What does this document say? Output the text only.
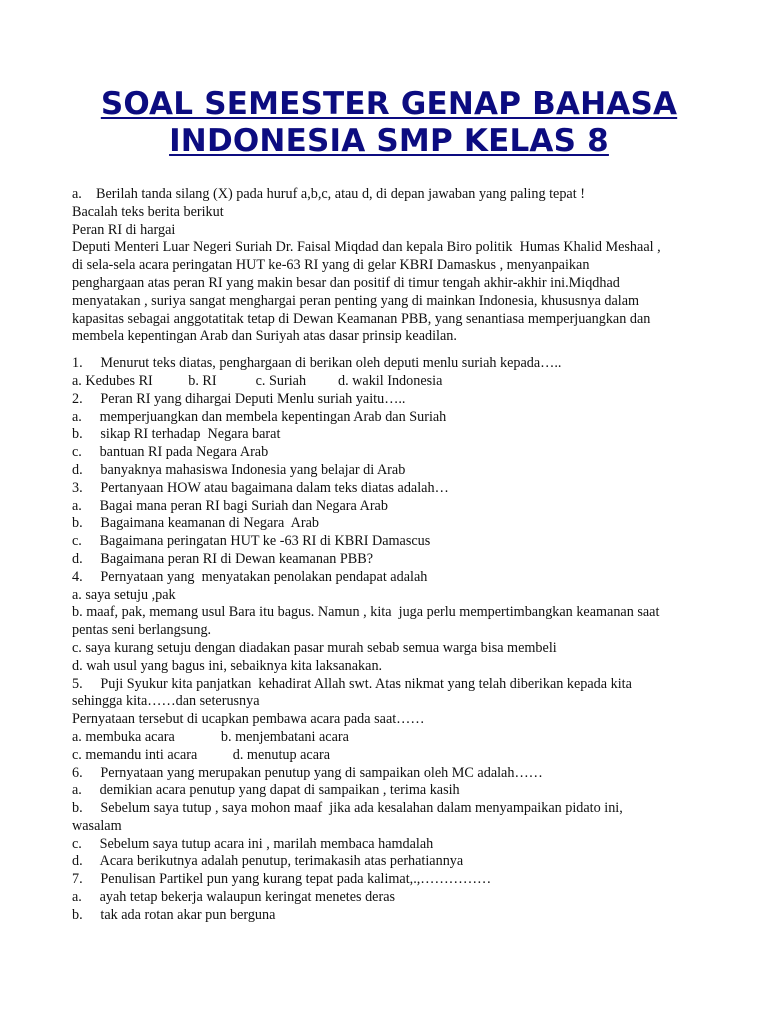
SOAL SEMESTER GENAP BAHASA
INDONESIA SMP KELAS 8
a.    Berilah tanda silang (X) pada huruf a,b,c, atau d, di depan jawaban yang paling tepat !
Bacalah teks berita berikut
Peran RI di hargai
Deputi Menteri Luar Negeri Suriah Dr. Faisal Miqdad dan kepala Biro politik  Humas Khalid Meshaal ,
di sela-sela acara peringatan HUT ke-63 RI yang di gelar KBRI Damaskus , menyanpaikan
penghargaan atas peran RI yang makin besar dan positif di timur tengah akhir-akhir ini.Miqdhad
menyatakan , suriya sangat menghargai peran penting yang di mainkan Indonesia, khususnya dalam
kapasitas sebagai anggotatitak tetap di Dewan Keamanan PBB, yang senantiasa memperjuangkan dan
membela kepentingan Arab dan Suriyah atas dasar prinsip keadilan.
1.     Menurut teks diatas, penghargaan di berikan oleh deputi menlu suriah kepada…..
a. Kedubes RI          b. RI           c. Suriah         d. wakil Indonesia
2.     Peran RI yang dihargai Deputi Menlu suriah yaitu…..
a.     memperjuangkan dan membela kepentingan Arab dan Suriah
b.     sikap RI terhadap  Negara barat
c.     bantuan RI pada Negara Arab
d.     banyaknya mahasiswa Indonesia yang belajar di Arab
3.     Pertanyaan HOW atau bagaimana dalam teks diatas adalah…
a.     Bagai mana peran RI bagi Suriah dan Negara Arab
b.     Bagaimana keamanan di Negara  Arab
c.     Bagaimana peringatan HUT ke -63 RI di KBRI Damascus
d.     Bagaimana peran RI di Dewan keamanan PBB?
4.     Pernyataan yang  menyatakan penolakan pendapat adalah
a. saya setuju ,pak
b. maaf, pak, memang usul Bara itu bagus. Namun , kita  juga perlu mempertimbangkan keamanan saat
pentas seni berlangsung.
c. saya kurang setuju dengan diadakan pasar murah sebab semua warga bisa membeli
d. wah usul yang bagus ini, sebaiknya kita laksanakan.
5.     Puji Syukur kita panjatkan  kehadirat Allah swt. Atas nikmat yang telah diberikan kepada kita
sehingga kita……dan seterusnya
Pernyataan tersebut di ucapkan pembawa acara pada saat……
a. membuka acara             b. menjembatani acara
c. memandu inti acara          d. menutup acara
6.     Pernyataan yang merupakan penutup yang di sampaikan oleh MC adalah……
a.     demikian acara penutup yang dapat di sampaikan , terima kasih
b.     Sebelum saya tutup , saya mohon maaf  jika ada kesalahan dalam menyampaikan pidato ini,
wasalam
c.     Sebelum saya tutup acara ini , marilah membaca hamdalah
d.     Acara berikutnya adalah penutup, terimakasih atas perhatiannya
7.     Penulisan Partikel pun yang kurang tepat pada kalimat,.,……………
a.     ayah tetap bekerja walaupun keringat menetes deras
b.     tak ada rotan akar pun berguna
